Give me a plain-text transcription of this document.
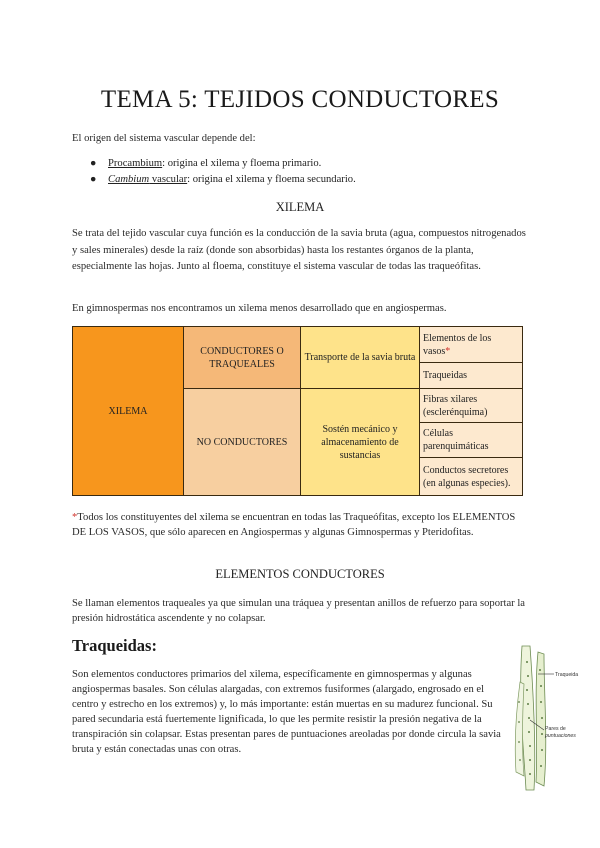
TEMA 5: TEJIDOS CONDUCTORES

El origen del sistema vascular depende del:

● Procambium: origina el xilema y floema primario.
● Cambium vascular: origina el xilema y floema secundario.
XILEMA

Se trata del tejido vascular cuya función es la conducción de la savia bruta (agua, compuestos nitrogenados y sales minerales) desde la raíz (donde son absorbidas) hasta los restantes órganos de la planta, especialmente las hojas. Junto al floema, constituye el sistema vascular de todas las traqueófitas.

En gimnospermas nos encontramos un xilema menos desarrollado que en angiospermas.

XILEMA	CONDUCTORES O TRAQUEALES	Transporte de la savia bruta	Elementos de los vasos*
			Traqueidas
	NO CONDUCTORES	Sostén mecánico y almacenamiento de sustancias	Fibras xilares (esclerénquima)
			Células parenquimáticas
			Conductos secretores (en algunas especies).

*Todos los constituyentes del xilema se encuentran en todas las Traqueófitas, excepto los ELEMENTOS DE LOS VASOS, que sólo aparecen en Angiospermas y algunas Gimnospermas y Pteridofitas.

ELEMENTOS CONDUCTORES

Se llaman elementos traqueales ya que simulan una tráquea y presentan anillos de refuerzo para soportar la presión hidrostática ascendente y no colapsar.

Traqueidas:

Son elementos conductores primarios del xilema, específicamente en gimnospermas y algunas angiospermas basales. Son células alargadas, con extremos fusiformes (alargado, engrosado en el centro y estrecho en los extremos) y, lo más importante: están muertas en su madurez funcional. Su pared secundaria está fuertemente lignificada, lo que les permite resistir la presión negativa de la transpiración sin colapsar. Estas presentan pares de puntuaciones areoladas por donde circula la savia bruta y están conectadas unas con otras.

Traqueida
Pares de
puntuaciones
